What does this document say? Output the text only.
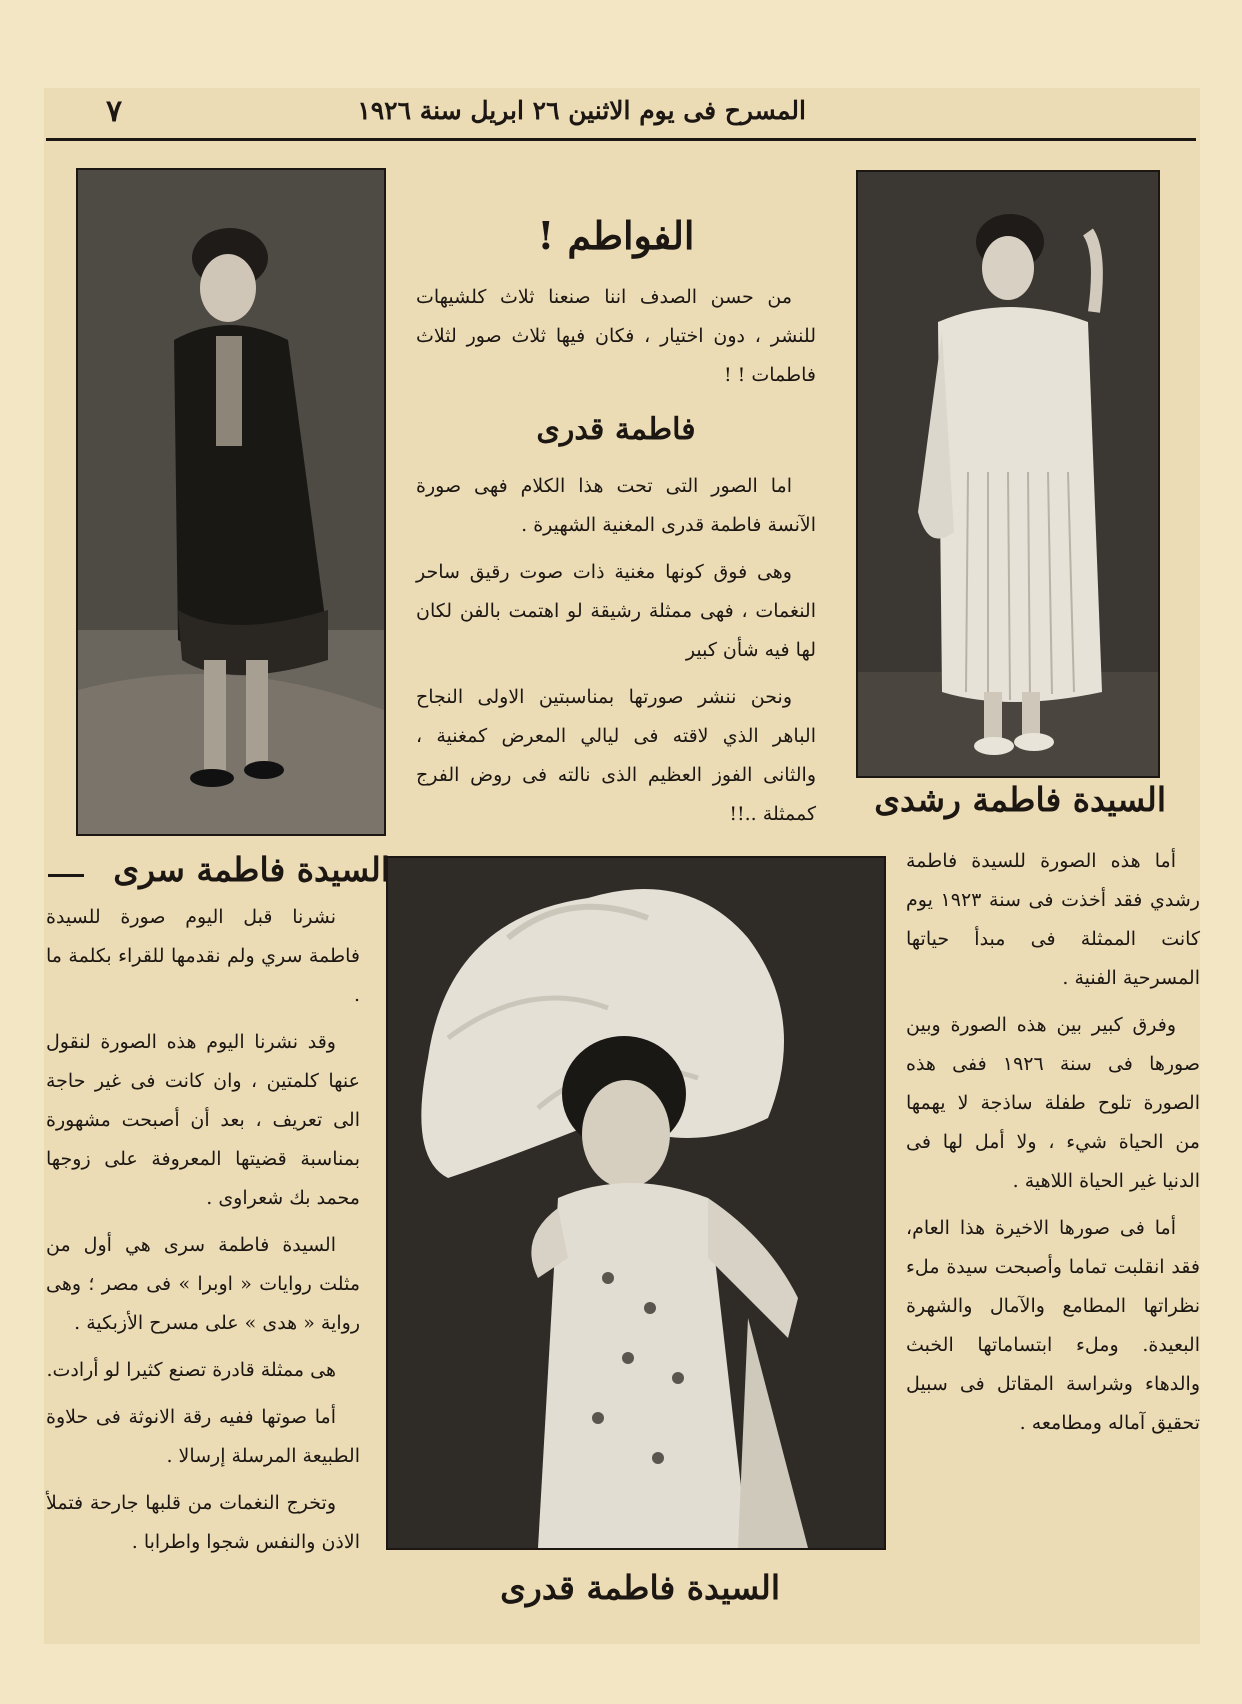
المسرح فى يوم الاثنين ٢٦ ابريل سنة ١٩٢٦
٧
السيدة فاطمة رشدى
السيدة فاطمة سرى
السيدة فاطمة قدرى

الفواطم !

من حسن الصدف اننا صنعنا ثلاث كلشيهات للنشر ، دون اختيار ، فكان فيها ثلاث صور لثلاث فاطمات ! !

فاطمة قدرى

اما الصور التى تحت هذا الكلام فهى صورة الآنسة فاطمة قدرى المغنية الشهيرة .

وهى فوق كونها مغنية ذات صوت رقيق ساحر النغمات ، فهى ممثلة رشيقة لو اهتمت بالفن لكان لها فيه شأن كبير

ونحن ننشر صورتها بمناسبتين الاولى النجاح الباهر الذي لاقته فى ليالي المعرض كمغنية ، والثانى الفوز العظيم الذى نالته فى روض الفرج كممثلة ..!!

نشرنا قبل اليوم صورة للسيدة فاطمة سري ولم نقدمها للقراء بكلمة ما .

وقد نشرنا اليوم هذه الصورة لنقول عنها كلمتين ، وان كانت فى غير حاجة الى تعريف ، بعد أن أصبحت مشهورة بمناسبة قضيتها المعروفة على زوجها محمد بك شعراوى .

السيدة فاطمة سرى هي أول من مثلت روايات « اوبرا » فى مصر ؛ وهى رواية « هدى » على مسرح الأزبكية .

هى ممثلة قادرة تصنع كثيرا لو أرادت.

أما صوتها ففيه رقة الانوثة فى حلاوة الطبيعة المرسلة إرسالا .

وتخرج النغمات من قلبها جارحة فتملأ الاذن والنفس شجوا واطرابا .

أما هذه الصورة للسيدة فاطمة رشدي فقد أخذت فى سنة ١٩٢٣ يوم كانت الممثلة فى مبدأ حياتها المسرحية الفنية .

وفرق كبير بين هذه الصورة وبين صورها فى سنة ١٩٢٦ ففى هذه الصورة تلوح طفلة ساذجة لا يهمها من الحياة شيء ، ولا أمل لها فى الدنيا غير الحياة اللاهية .

أما فى صورها الاخيرة هذا العام، فقد انقلبت تماما وأصبحت سيدة ملء نظراتها المطامع والآمال والشهرة البعيدة. وملء ابتساماتها الخبث والدهاء وشراسة المقاتل فى سبيل تحقيق آماله ومطامعه .
